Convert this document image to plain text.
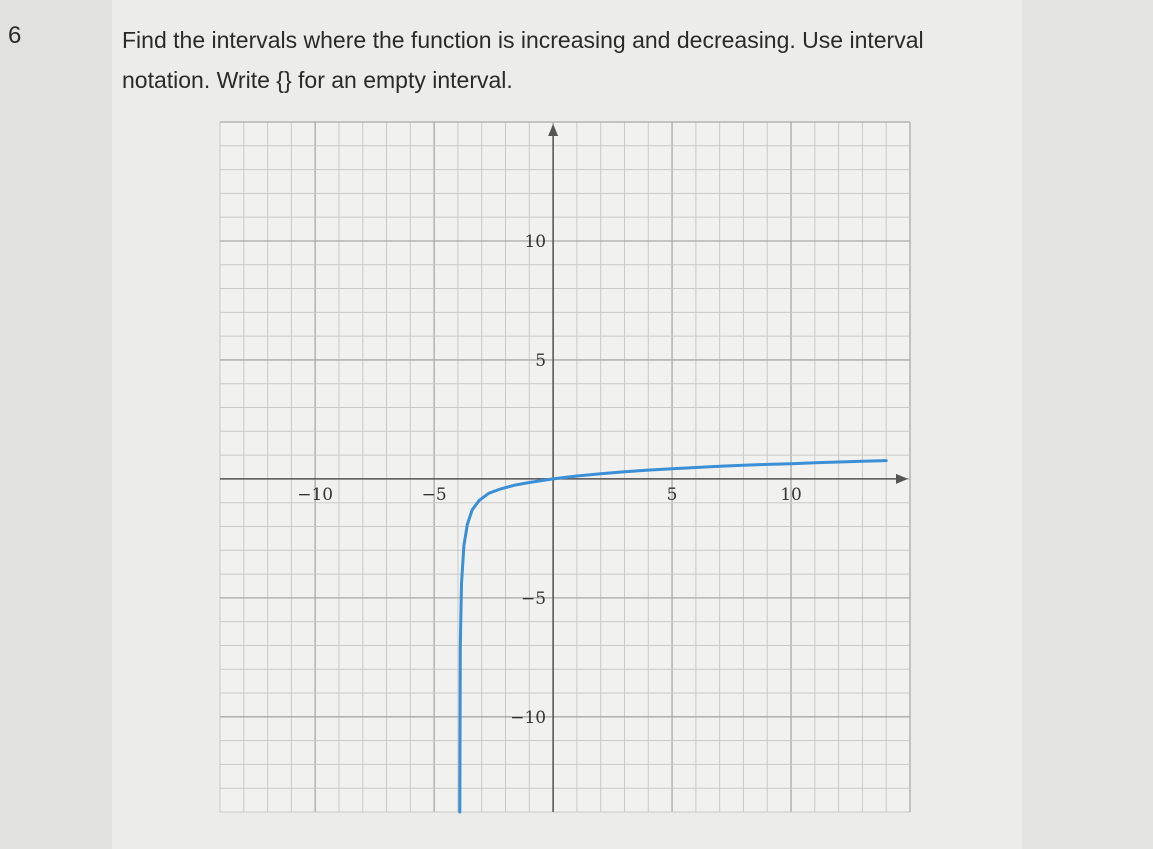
6	Find the intervals where the function is increasing and decreasing. Use interval
notation. Write {} for an empty interval.
−10	−5	5	10
10
5
−5
−10
